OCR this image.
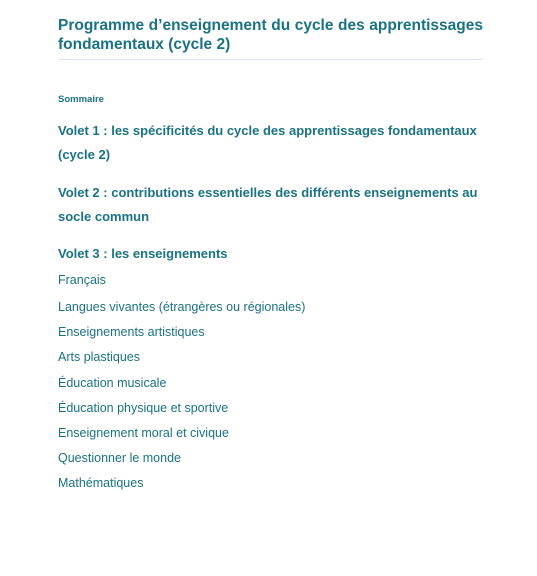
Programme d’enseignement du cycle des apprentissages fondamentaux (cycle 2)
Sommaire
Volet 1 : les spécificités du cycle des apprentissages fondamentaux (cycle 2)
Volet 2 : contributions essentielles des différents enseignements au socle commun
Volet 3 : les enseignements
Français
Langues vivantes (étrangères ou régionales)
Enseignements artistiques
Arts plastiques
Éducation musicale
Éducation physique et sportive
Enseignement moral et civique
Questionner le monde
Mathématiques
